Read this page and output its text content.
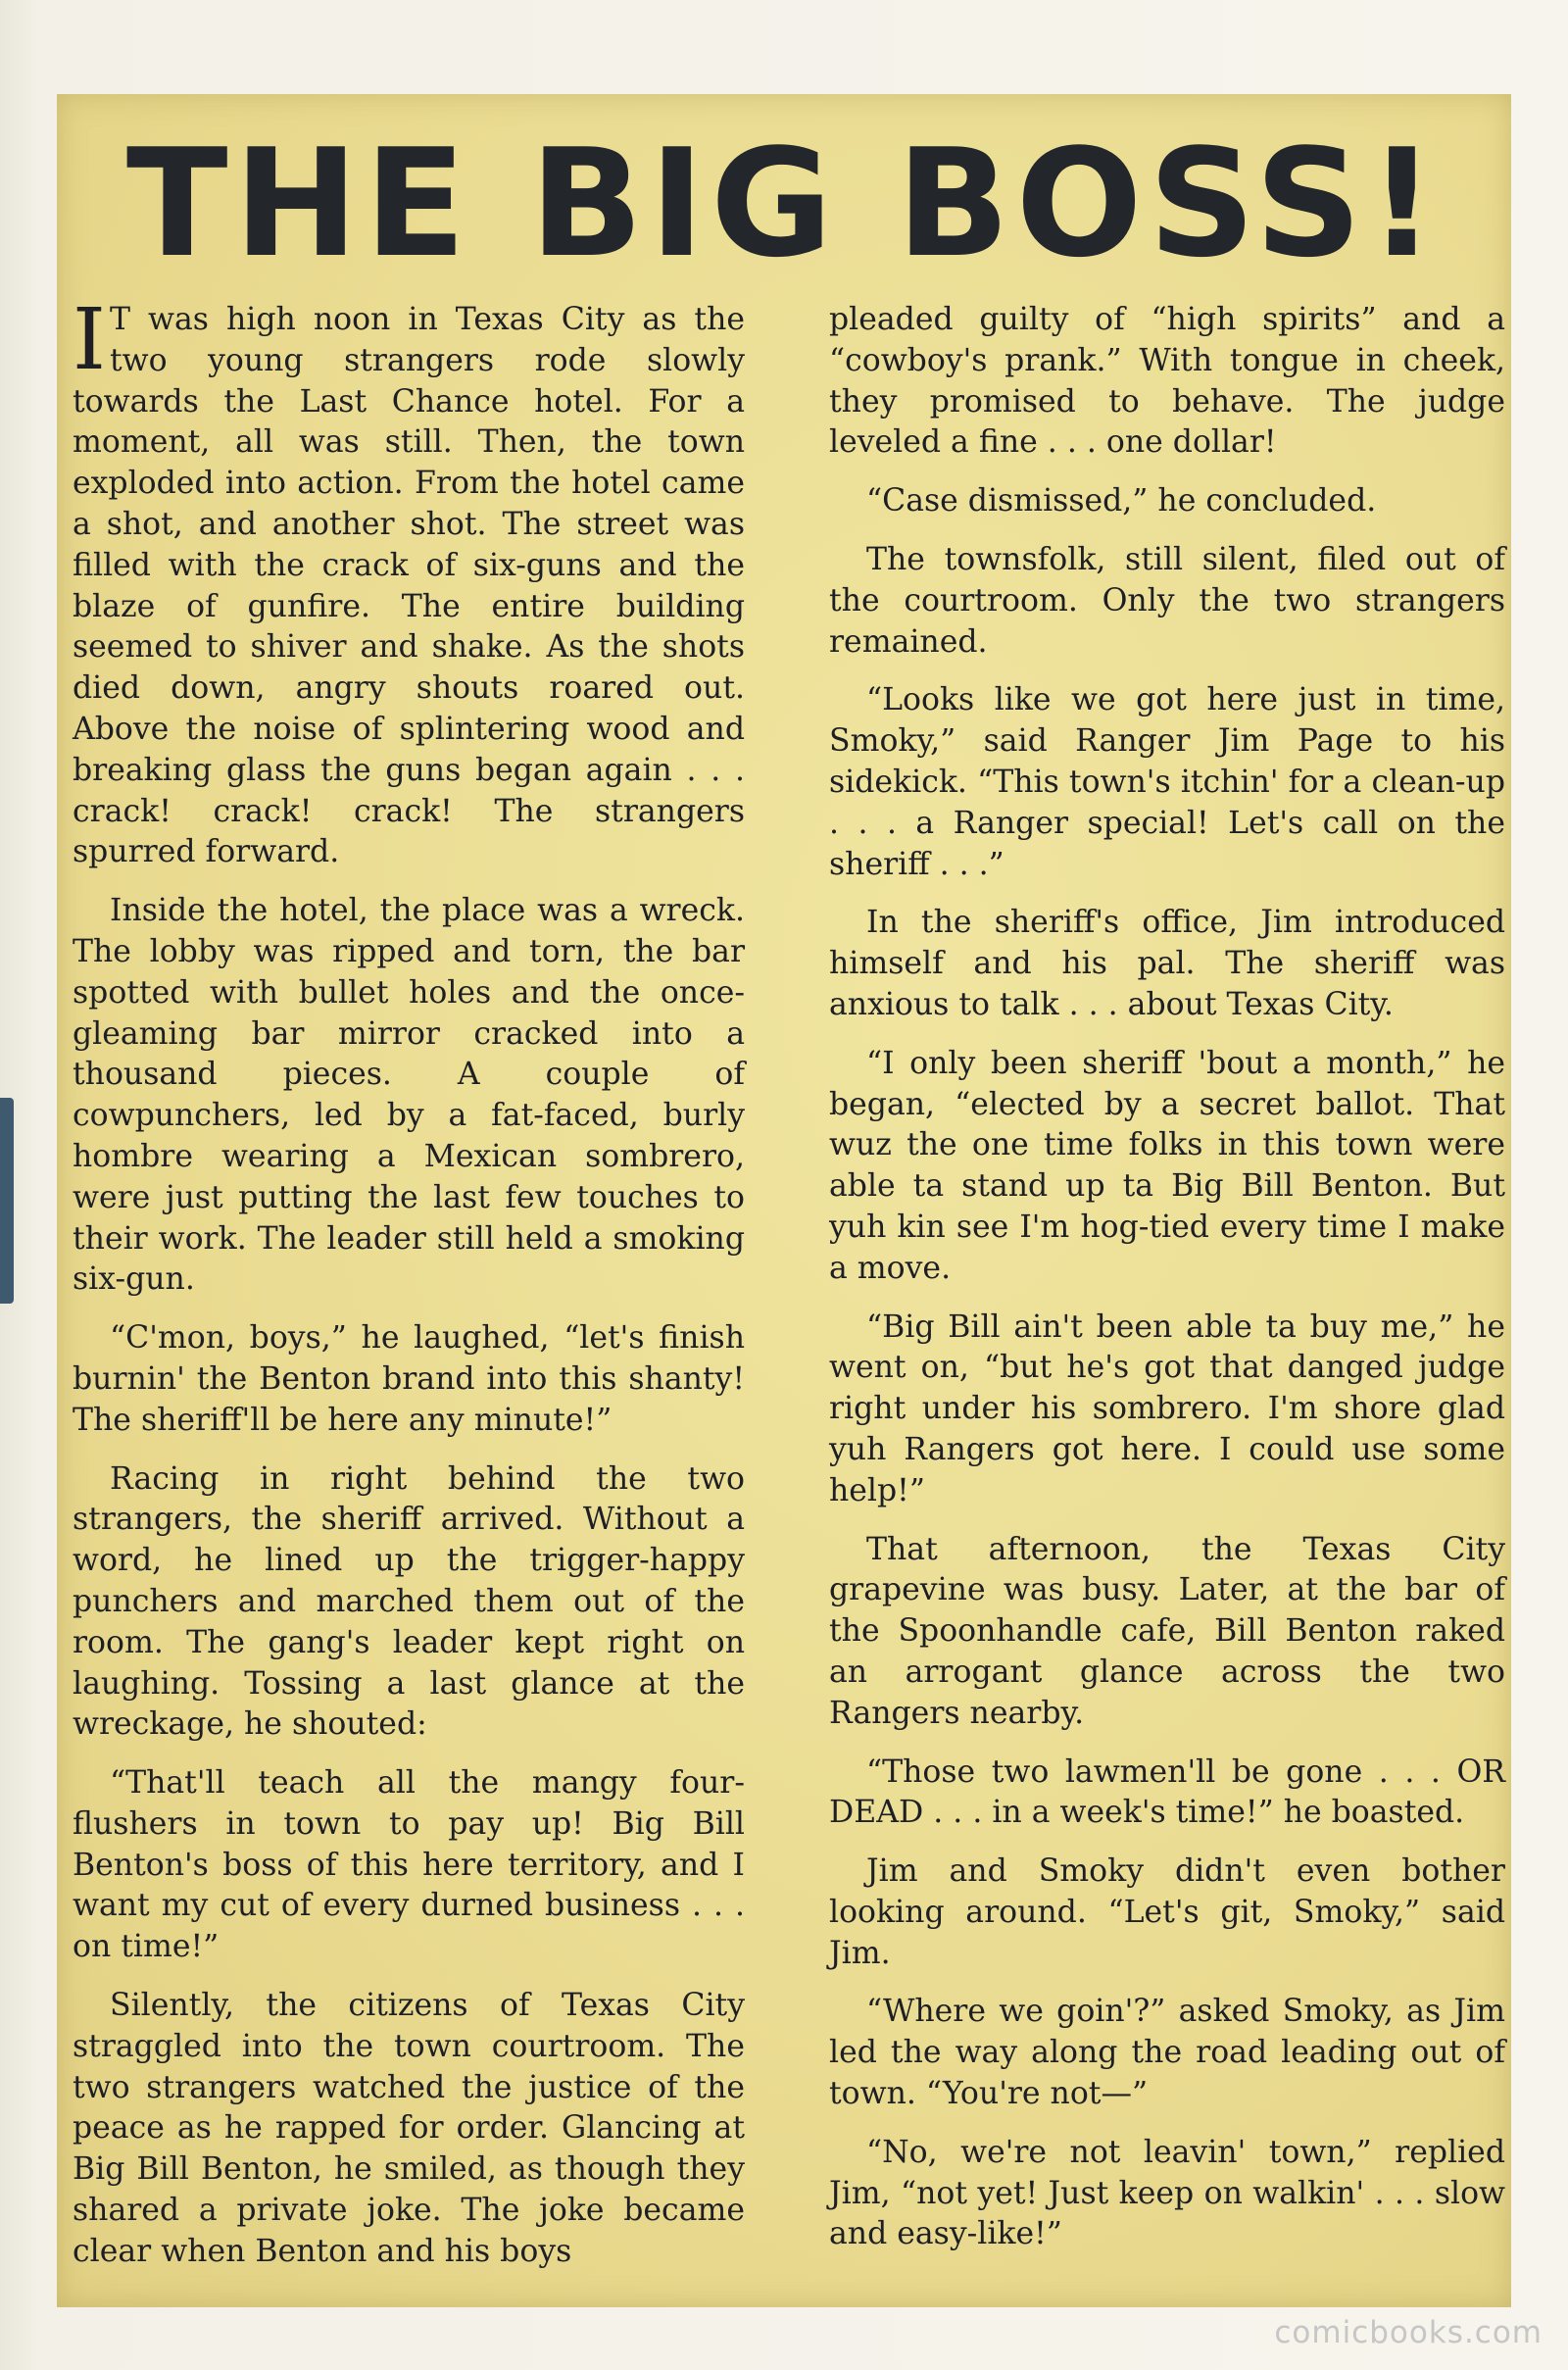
THE BIG BOSS!

I T was high noon in Texas City as the two young strangers rode slowly towards the Last Chance hotel. For a moment, all was still. Then, the town exploded into action. From the hotel came a shot, and another shot. The street was filled with the crack of six-guns and the blaze of gunfire. The entire building seemed to shiver and shake. As the shots died down, angry shouts roared out. Above the noise of splintering wood and breaking glass the guns began again . . . crack! crack! crack! The strangers spurred forward.

Inside the hotel, the place was a wreck. The lobby was ripped and torn, the bar spotted with bullet holes and the once-gleaming bar mirror cracked into a thousand pieces. A couple of cowpunchers, led by a fat-faced, burly hombre wearing a Mexican sombrero, were just putting the last few touches to their work. The leader still held a smoking six-gun.

“C'mon, boys,” he laughed, “let's finish burnin' the Benton brand into this shanty! The sheriff'll be here any minute!”

Racing in right behind the two strangers, the sheriff arrived. Without a word, he lined up the trigger-happy punchers and marched them out of the room. The gang's leader kept right on laughing. Tossing a last glance at the wreckage, he shouted:

“That'll teach all the mangy four-flushers in town to pay up! Big Bill Benton's boss of this here territory, and I want my cut of every durned business . . . on time!”

Silently, the citizens of Texas City straggled into the town courtroom. The two strangers watched the justice of the peace as he rapped for order. Glancing at Big Bill Benton, he smiled, as though they shared a private joke. The joke became clear when Benton and his boys

pleaded guilty of “high spirits” and a “cowboy's prank.” With tongue in cheek, they promised to behave. The judge leveled a fine . . . one dollar!

“Case dismissed,” he concluded.

The townsfolk, still silent, filed out of the courtroom. Only the two strangers remained.

“Looks like we got here just in time, Smoky,” said Ranger Jim Page to his sidekick. “This town's itchin' for a clean-up . . . a Ranger special! Let's call on the sheriff . . .”

In the sheriff's office, Jim introduced himself and his pal. The sheriff was anxious to talk . . . about Texas City.

“I only been sheriff 'bout a month,” he began, “elected by a secret ballot. That wuz the one time folks in this town were able ta stand up ta Big Bill Benton. But yuh kin see I'm hog-tied every time I make a move.

“Big Bill ain't been able ta buy me,” he went on, “but he's got that danged judge right under his sombrero. I'm shore glad yuh Rangers got here. I could use some help!”

That afternoon, the Texas City grapevine was busy. Later, at the bar of the Spoonhandle cafe, Bill Benton raked an arrogant glance across the two Rangers nearby.

“Those two lawmen'll be gone . . . OR DEAD . . . in a week's time!” he boasted.

Jim and Smoky didn't even bother looking around. “Let's git, Smoky,” said Jim.

“Where we goin'?” asked Smoky, as Jim led the way along the road leading out of town. “You're not—”

“No, we're not leavin' town,” replied Jim, “not yet! Just keep on walkin' . . . slow and easy-like!”

comicbooks.com
